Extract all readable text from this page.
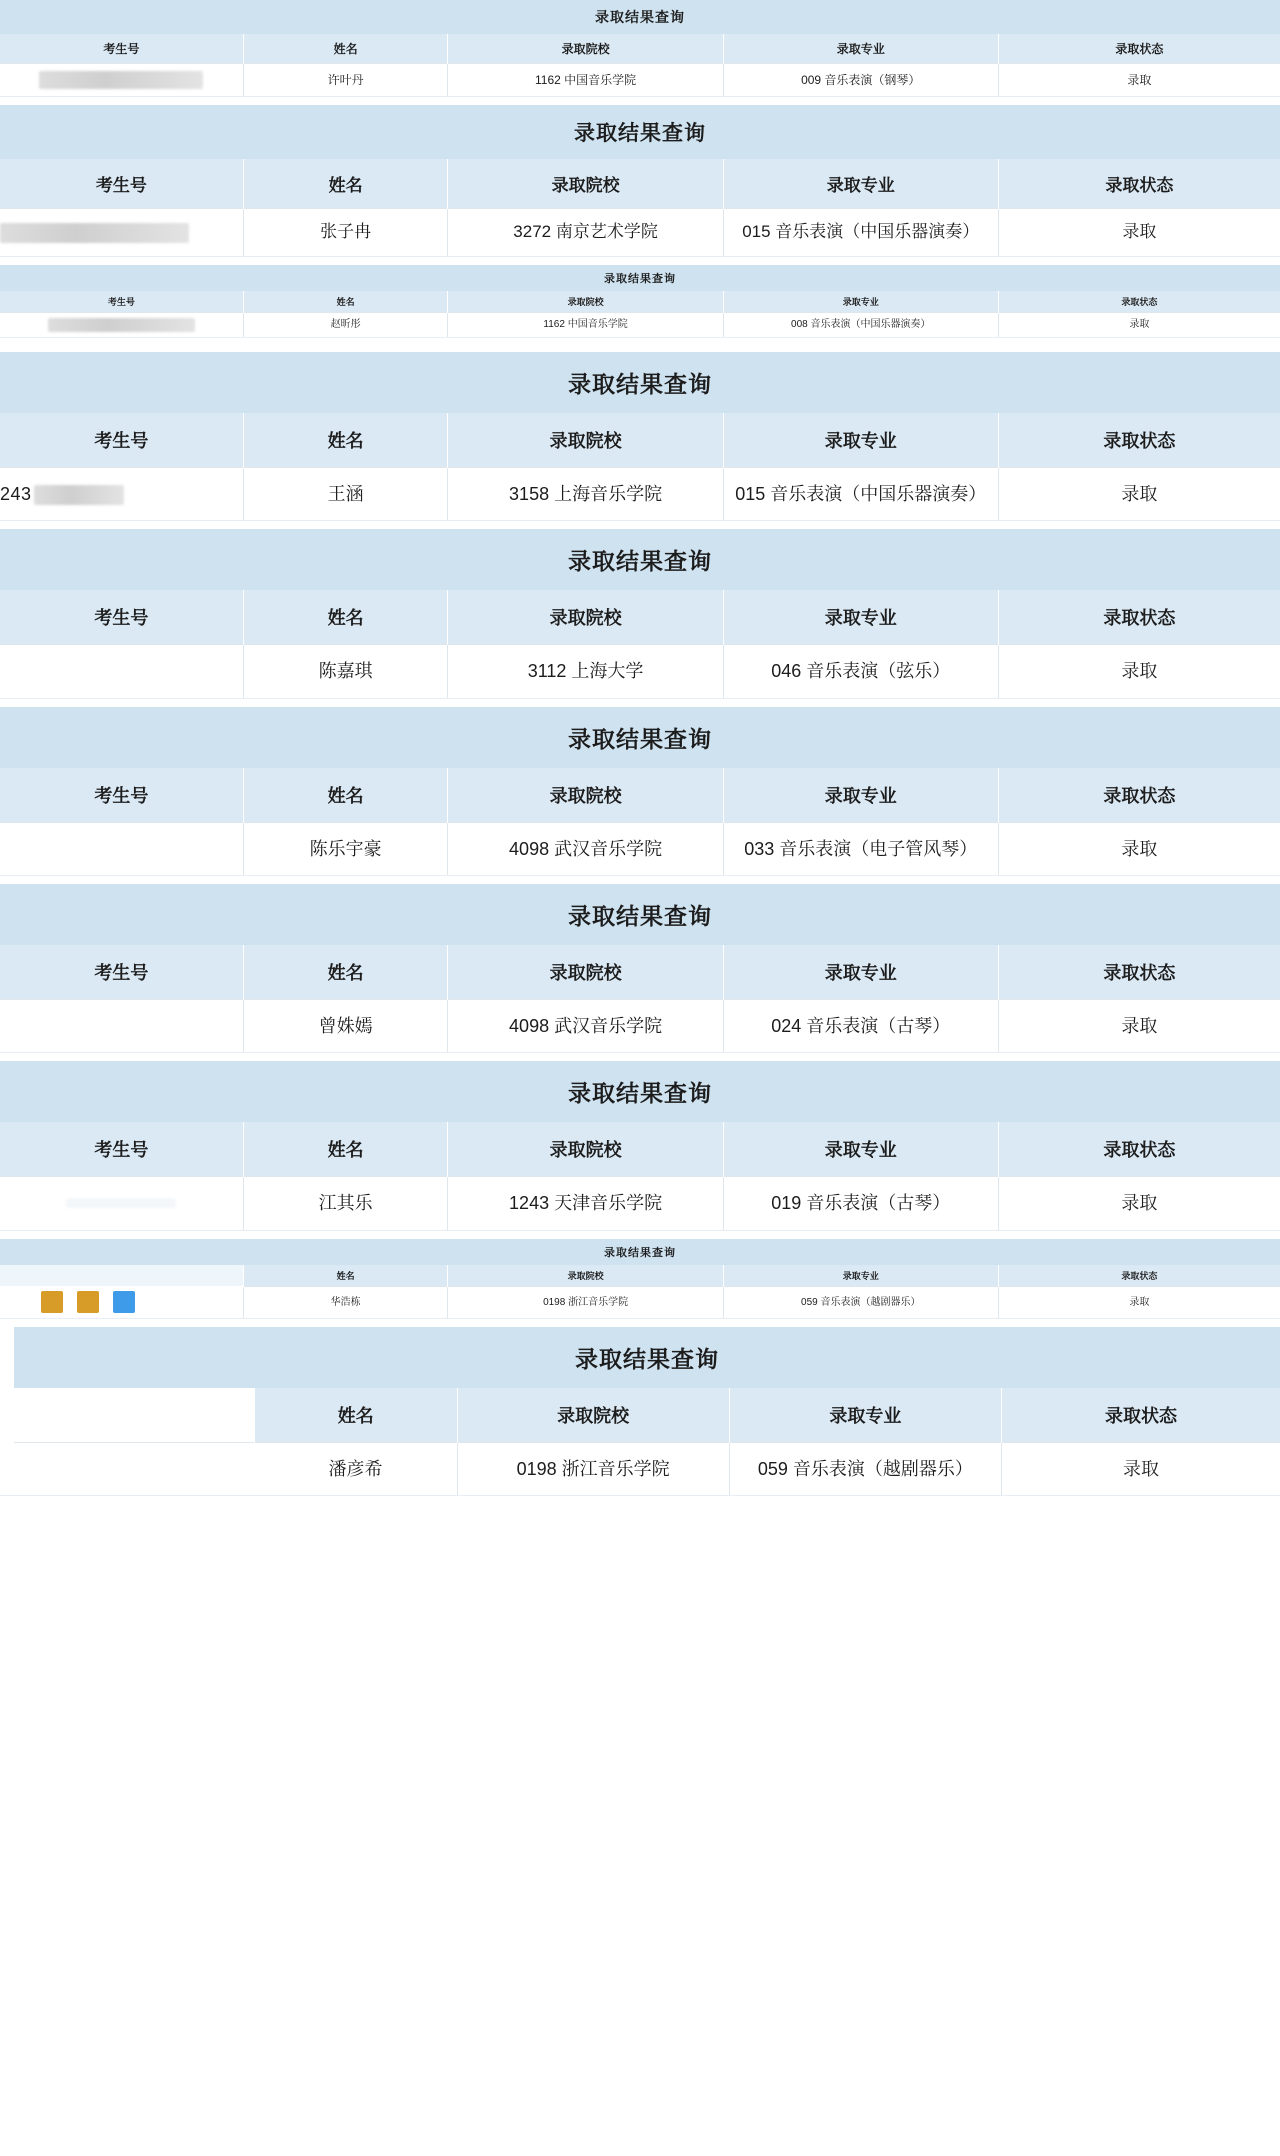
录取结果查询				
考生号	姓名	录取院校	录取专业	录取状态
	许叶丹	1162 中国音乐学院	009 音乐表演（钢琴）	录取
录取结果查询				
考生号	姓名	录取院校	录取专业	录取状态
	张子冉	3272 南京艺术学院	015 音乐表演（中国乐器演奏）	录取
录取结果查询				
考生号	姓名	录取院校	录取专业	录取状态
	赵昕彤	1162 中国音乐学院	008 音乐表演（中国乐器演奏）	录取
录取结果查询				
考生号	姓名	录取院校	录取专业	录取状态
243	王涵	3158 上海音乐学院	015 音乐表演（中国乐器演奏）	录取
录取结果查询				
考生号	姓名	录取院校	录取专业	录取状态
	陈嘉琪	3112 上海大学	046 音乐表演（弦乐）	录取
录取结果查询				
考生号	姓名	录取院校	录取专业	录取状态
	陈乐宇豪	4098 武汉音乐学院	033 音乐表演（电子管风琴）	录取
录取结果查询				
考生号	姓名	录取院校	录取专业	录取状态
	曾姝嫣	4098 武汉音乐学院	024 音乐表演（古琴）	录取
录取结果查询				
考生号	姓名	录取院校	录取专业	录取状态

	江其乐	1243 天津音乐学院	019 音乐表演（古琴）	录取
录取结果查询				
	姓名	录取院校	录取专业	录取状态

	华浩栋	0198 浙江音乐学院	059 音乐表演（越剧器乐）	录取
录取结果查询				
	姓名	录取院校	录取专业	录取状态
	潘彦希	0198 浙江音乐学院	059 音乐表演（越剧器乐）	录取
